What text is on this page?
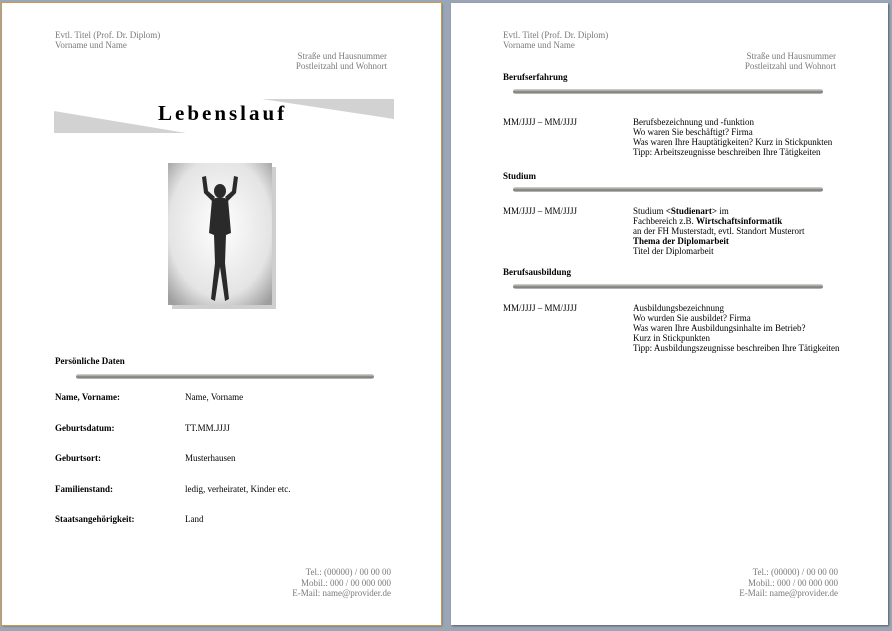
Evtl. Titel (Prof. Dr. Diplom)
Vorname und Name
Straße und Hausnummer
Postleitzahl und Wohnort
Lebenslauf
Persönliche Daten
Name, Vorname:	Name, Vorname
Geburtsdatum:	TT.MM.JJJJ
Geburtsort:	Musterhausen
Familienstand:	ledig, verheiratet, Kinder etc.
Staatsangehörigkeit:	Land
Tel.: (00000) / 00 00 00
Mobil.: 000 / 00 000 000
E-Mail: name@provider.de
Evtl. Titel (Prof. Dr. Diplom)
Vorname und Name
Straße und Hausnummer
Postleitzahl und Wohnort
Berufserfahrung
MM/JJJJ – MM/JJJJ	Berufsbezeichnung und -funktion
Wo waren Sie beschäftigt? Firma
Was waren Ihre Hauptätigkeiten? Kurz in Stickpunkten
Tipp: Arbeitszeugnisse beschreiben Ihre Tätigkeiten
Studium
MM/JJJJ – MM/JJJJ	Studium <Studienart> im
Fachbereich z.B. Wirtschaftsinformatik
an der FH Musterstadt, evtl. Standort Musterort
Thema der Diplomarbeit
Titel der Diplomarbeit
Berufsausbildung
MM/JJJJ – MM/JJJJ	Ausbildungsbezeichnung
Wo wurden Sie ausbildet? Firma
Was waren Ihre Ausbildungsinhalte im Betrieb?
Kurz in Stickpunkten
Tipp: Ausbildungszeugnisse beschreiben Ihre Tätigkeiten
Tel.: (00000) / 00 00 00
Mobil.: 000 / 00 000 000
E-Mail: name@provider.de
